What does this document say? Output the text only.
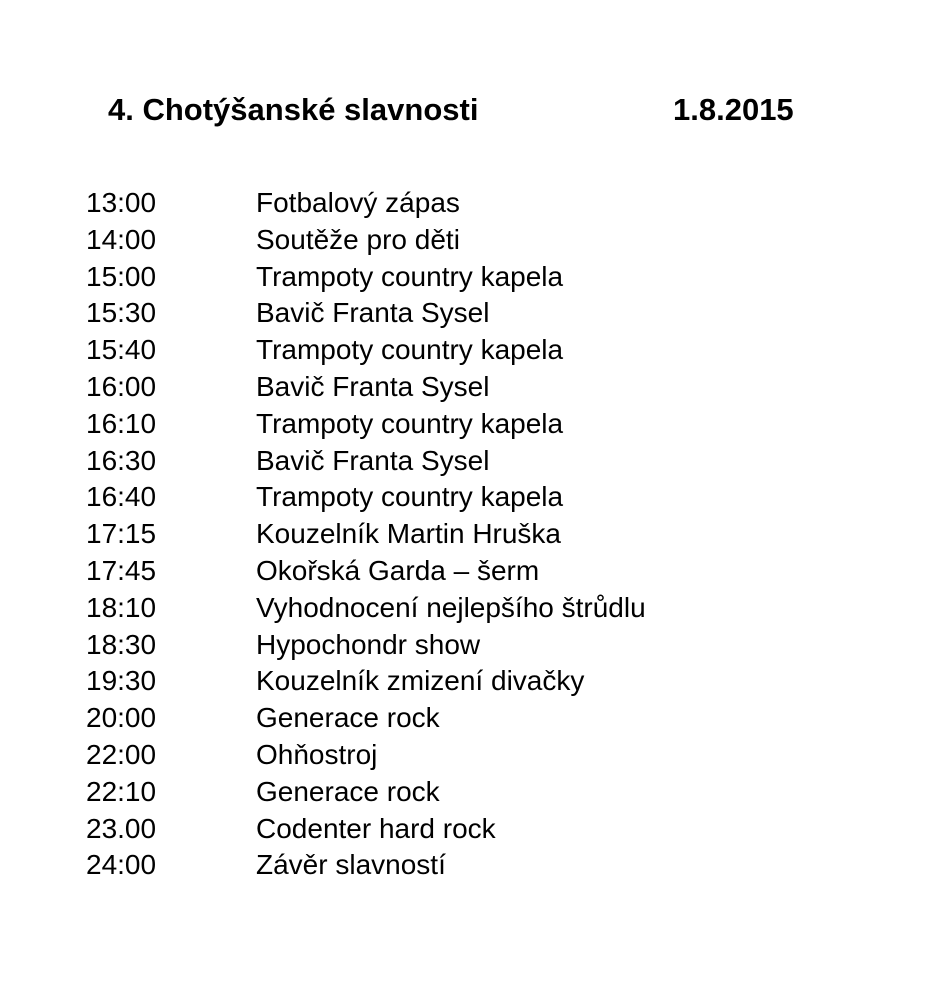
4. Chotýšanské slavnosti	1.8.2015
13:00	Fotbalový zápas
14:00	Soutěže pro děti
15:00	Trampoty country kapela
15:30	Bavič Franta Sysel
15:40	Trampoty country kapela
16:00	Bavič Franta Sysel
16:10	Trampoty country kapela
16:30	Bavič Franta Sysel
16:40	Trampoty country kapela
17:15	Kouzelník Martin Hruška
17:45	Okořská Garda – šerm
18:10	Vyhodnocení nejlepšího štrůdlu
18:30	Hypochondr show
19:30	Kouzelník zmizení divačky
20:00	Generace rock
22:00	Ohňostroj
22:10	Generace rock
23.00	Codenter hard rock
24:00	Závěr slavností
